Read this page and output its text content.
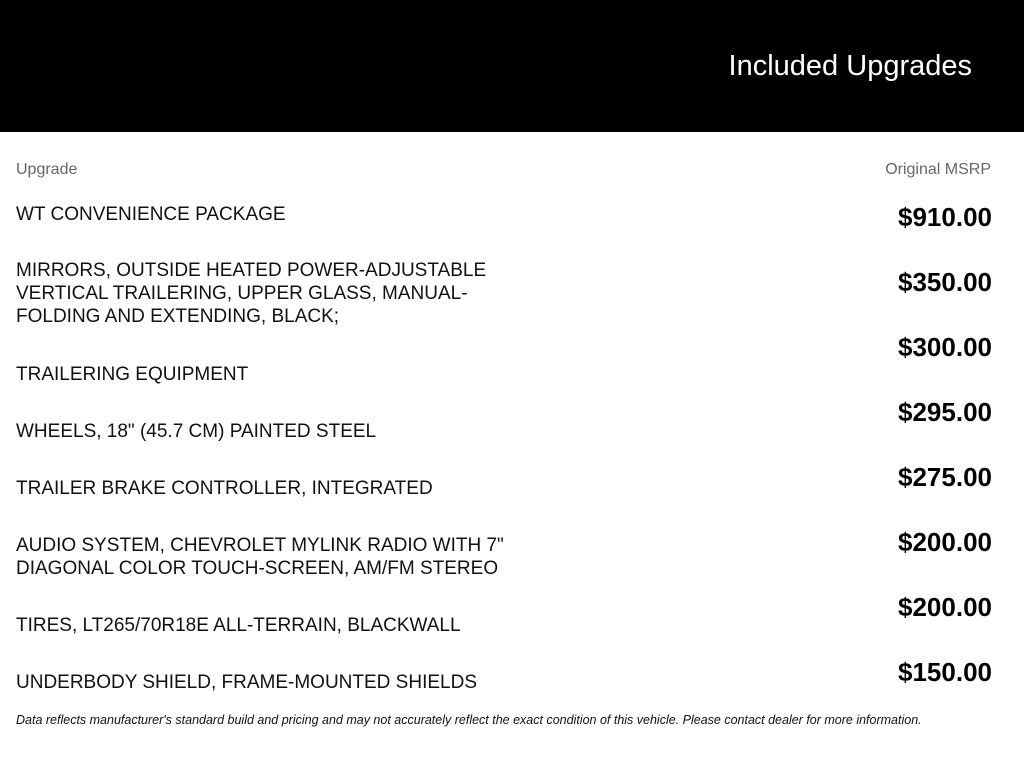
Included Upgrades
Upgrade	Original MSRP
WT CONVENIENCE PACKAGE
MIRRORS, OUTSIDE HEATED POWER-ADJUSTABLE VERTICAL TRAILERING, UPPER GLASS, MANUAL-FOLDING AND EXTENDING, BLACK;
TRAILERING EQUIPMENT
WHEELS, 18" (45.7 CM) PAINTED STEEL
TRAILER BRAKE CONTROLLER, INTEGRATED
AUDIO SYSTEM, CHEVROLET MYLINK RADIO WITH 7" DIAGONAL COLOR TOUCH-SCREEN, AM/FM STEREO
TIRES, LT265/70R18E ALL-TERRAIN, BLACKWALL
UNDERBODY SHIELD, FRAME-MOUNTED SHIELDS
$910.00
$350.00
$300.00
$295.00
$275.00
$200.00
$200.00
$150.00
Data reflects manufacturer's standard build and pricing and may not accurately reflect the exact condition of this vehicle. Please contact dealer for more information.
